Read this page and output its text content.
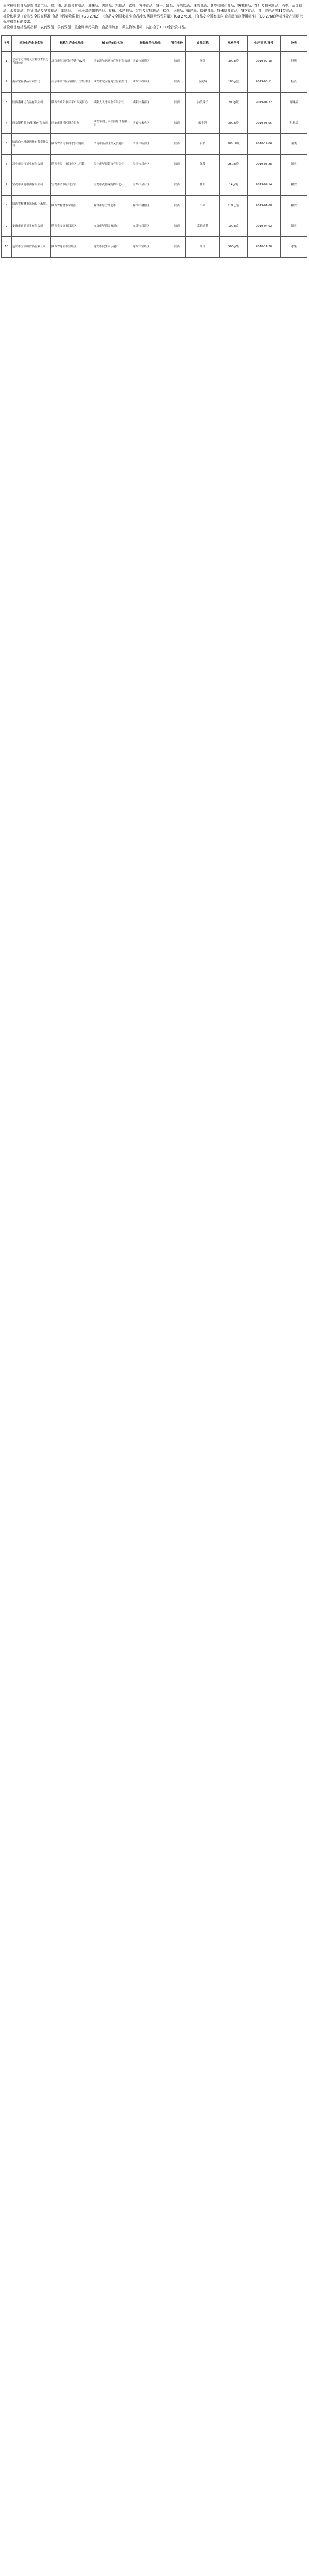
本次抽检的食品是粮食加工品、食用油、油脂及其制品、调味品、肉制品、乳制品、饮料、方便食品、饼干、罐头、冷冻饮品、速冻食品、薯类和膨化食品、糖果制品、茶叶及相关制品、酒类、蔬菜制品、水果制品、炒货食品及坚果制品、蛋制品、可可及焙烤咖啡产品、食糖、水产制品、淀粉及淀粉制品、糕点、豆制品、蜂产品、保健食品、特殊膳食食品、餐饮食品、食用农产品等31类食品。
抽检依据是《食品安全国家标准 食品中污染物限量》(GB 2762)、《食品安全国家标准 食品中农药最大残留限量》(GB 2763)、《食品安全国家标准 食品添加剂使用标准》(GB 2760)等标准及产品明示标准和指标的要求。
抽检项目包括品质指标、农药残留、兽药残留、重金属等污染物、食品添加剂、微生物等指标，共抽检了1000余批次样品。
序号	标称生产企业名称	标称生产企业地址	被抽样单位名称	被抽样单位地址	所在省份	食品名称	规格型号	生产日期/批号	分类
1	北京东方红航天生物技术股份有限公司	北京市海淀区知春路甲82号	西安沃尔玛购物广场有限公司	西安市雁塔区	陕西	脂糕	300g/袋	2019-02-18	特膳
2	南京宏福食品有限公司	南京市高淳区古柏镇工业集中区	西安世纪金花商业有限公司	西安市碑林区	陕西	蛋黄酥	180g/盒	2019-03-11	糕点
3	陕西秦味坊食品有限公司	陕西省咸阳市兴平市西吴街办	咸阳人人乐商业有限公司	咸阳市秦都区	陕西	油泼辣子	200g/瓶	2019-01-22	调味品
4	西安银桥乳业(集团)有限公司	西安市灞桥区新合街办	西安华润万家生活超市有限公司	西安市未央区	陕西	酸牛奶	200g/袋	2019-03-05	乳制品
5	陕西白水杜康酒业有限责任公司	陕西省渭南市白水县杜康镇	渭南市临渭区好又多超市	渭南市临渭区	陕西	白酒	500ml/瓶	2018-12-06	酒类
6	汉中市天汉茶业有限公司	陕西省汉中市汉台区宗营镇	汉中市华联超市有限公司	汉中市汉台区	陕西	绿茶	250g/袋	2019-03-28	茶叶
7	宝鸡市西府粮油有限公司	宝鸡市渭滨区马营镇	宝鸡市麦德龙购物中心	宝鸡市金台区	陕西	挂面	1kg/袋	2019-02-14	粮食
8	陕西省榆林市米脂县小米加工厂	陕西省榆林市米脂县	榆林市东方红超市	榆林市榆阳区	陕西	小米	2.5kg/袋	2019-01-08	粮食
9	安康市富硒茶叶有限公司	陕西省安康市汉滨区	安康市华润万家超市	安康市汉滨区	陕西	富硒绿茶	100g/盒	2019-04-02	茶叶
10	延安市宝塔山食品有限公司	陕西省延安市宝塔区	延安市民生家乐超市	延安市宝塔区	陕西	红枣	500g/袋	2018-11-20	水果
